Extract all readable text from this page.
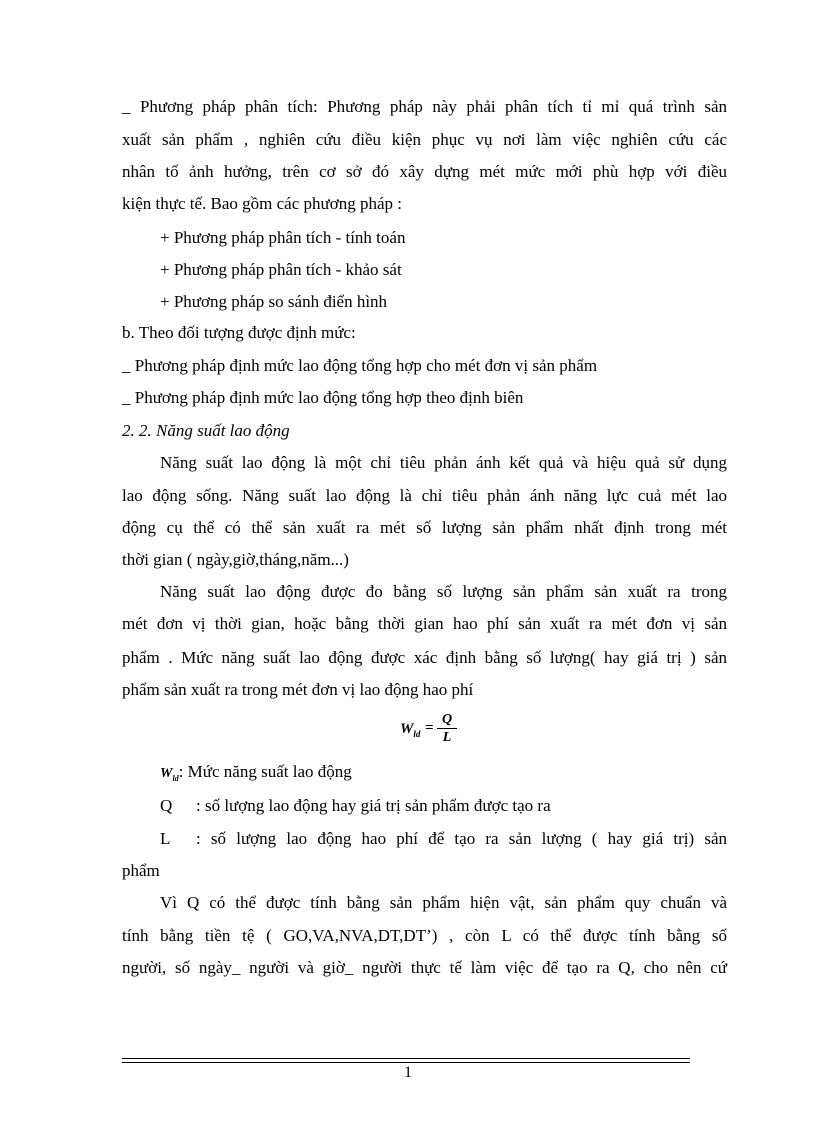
_ Phương pháp phân tích: Phương pháp này phải phân tích tỉ mỉ quá trình sản
xuất sản phẩm , nghiên cứu điều kiện phục vụ nơi làm việc nghiên cứu các
nhân tố ảnh hưởng, trên cơ sở đó xây dựng mét mức mới phù hợp với điều
kiện thực tế. Bao gồm các phương pháp :
+ Phương pháp phân tích - tính toán
+ Phương pháp phân tích - khảo sát
+ Phương pháp so sánh điển hình
b. Theo đối tượng được định mức:
_ Phương pháp định mức lao động tổng hợp cho mét đơn vị sản phẩm
_ Phương pháp định mức lao động tổng hợp theo định biên
2. 2. Năng suất lao động
Năng suất lao động là một chỉ tiêu phản ánh kết quả và hiệu quả sử dụng
lao động sống. Năng suất lao động là chỉ tiêu phản ánh năng lực cuả mét lao
động cụ thể có thể sản xuất ra mét số lượng sản phẩm nhất định trong mét
thời gian ( ngày,giờ,tháng,năm...)
Năng suất lao động được đo bằng số lượng sản phẩm sản xuất ra trong
mét đơn vị thời gian, hoặc bằng thời gian hao phí sản xuất ra mét đơn vị sản
phẩm . Mức năng suất lao động được xác định bằng số lượng( hay giá trị ) sản
phẩm sản xuất ra trong mét đơn vị lao động hao phí
$W_{ld}$ =
Q
L
$W_{ld}$: Mức năng suất lao động
Q : số lượng lao động hay giá trị sản phẩm được tạo ra
L : số lượng lao động hao phí để tạo ra sản lượng ( hay giá trị) sản
phẩm
Vì Q có thể được tính bằng sản phẩm hiện vật, sản phẩm quy chuẩn và
tính bằng tiền tệ ( GO,VA,NVA,DT,DT’) , còn L có thể được tính bằng số
người, số ngày_ người và giờ_ người thực tế làm việc để tạo ra Q, cho nên cứ
1
